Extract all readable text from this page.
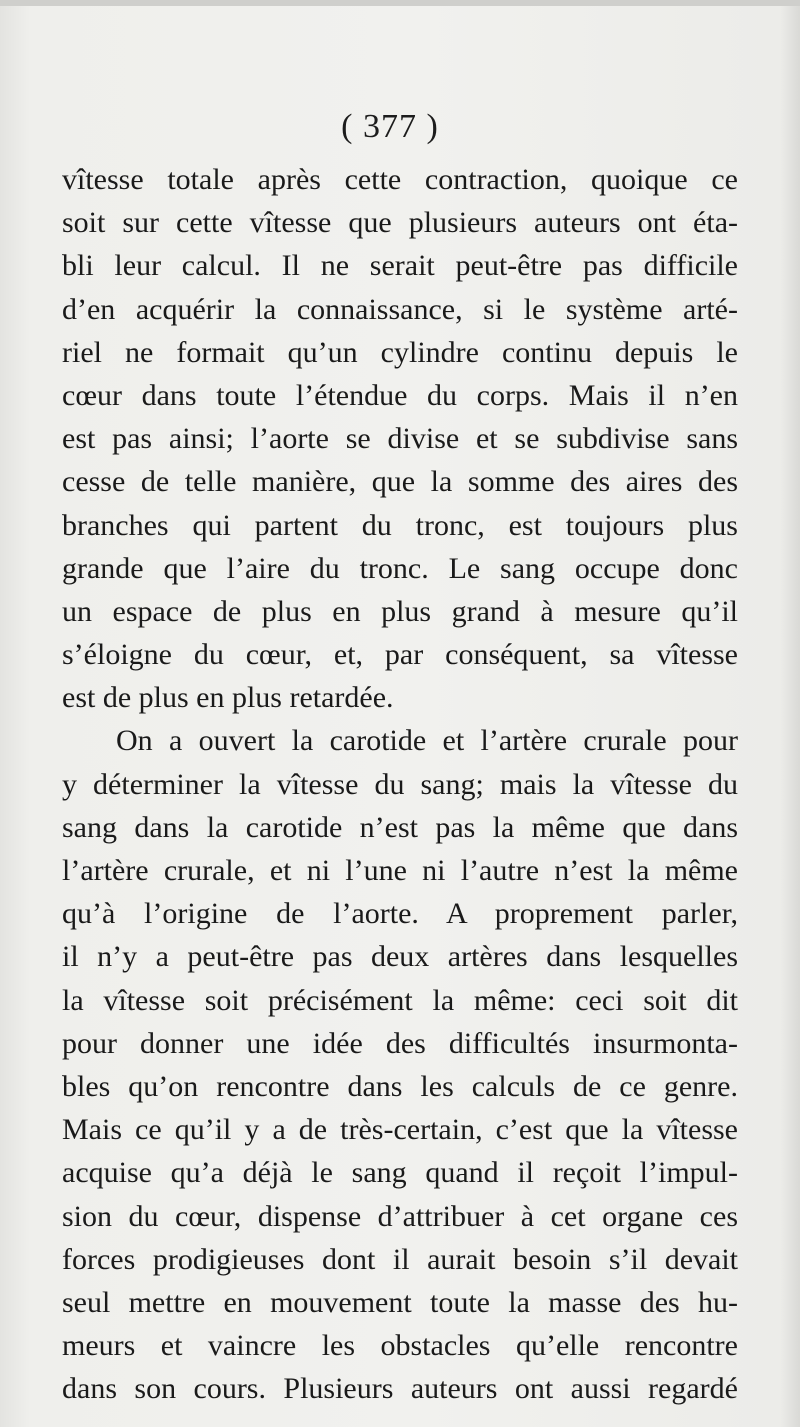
( 377 )
vîtesse totale après cette contraction, quoique ce
soit sur cette vîtesse que plusieurs auteurs ont éta-
bli leur calcul. Il ne serait peut-être pas difficile
d’en acquérir la connaissance, si le système arté-
riel ne formait qu’un cylindre continu depuis le
cœur dans toute l’étendue du corps. Mais il n’en
est pas ainsi; l’aorte se divise et se subdivise sans
cesse de telle manière, que la somme des aires des
branches qui partent du tronc, est toujours plus
grande que l’aire du tronc. Le sang occupe donc
un espace de plus en plus grand à mesure qu’il
s’éloigne du cœur, et, par conséquent, sa vîtesse
est de plus en plus retardée.
On a ouvert la carotide et l’artère crurale pour
y déterminer la vîtesse du sang; mais la vîtesse du
sang dans la carotide n’est pas la même que dans
l’artère crurale, et ni l’une ni l’autre n’est la même
qu’à l’origine de l’aorte. A proprement parler,
il n’y a peut-être pas deux artères dans lesquelles
la vîtesse soit précisément la même: ceci soit dit
pour donner une idée des difficultés insurmonta-
bles qu’on rencontre dans les calculs de ce genre.
Mais ce qu’il y a de très-certain, c’est que la vîtesse
acquise qu’a déjà le sang quand il reçoit l’impul-
sion du cœur, dispense d’attribuer à cet organe ces
forces prodigieuses dont il aurait besoin s’il devait
seul mettre en mouvement toute la masse des hu-
meurs et vaincre les obstacles qu’elle rencontre
dans son cours. Plusieurs auteurs ont aussi regardé
